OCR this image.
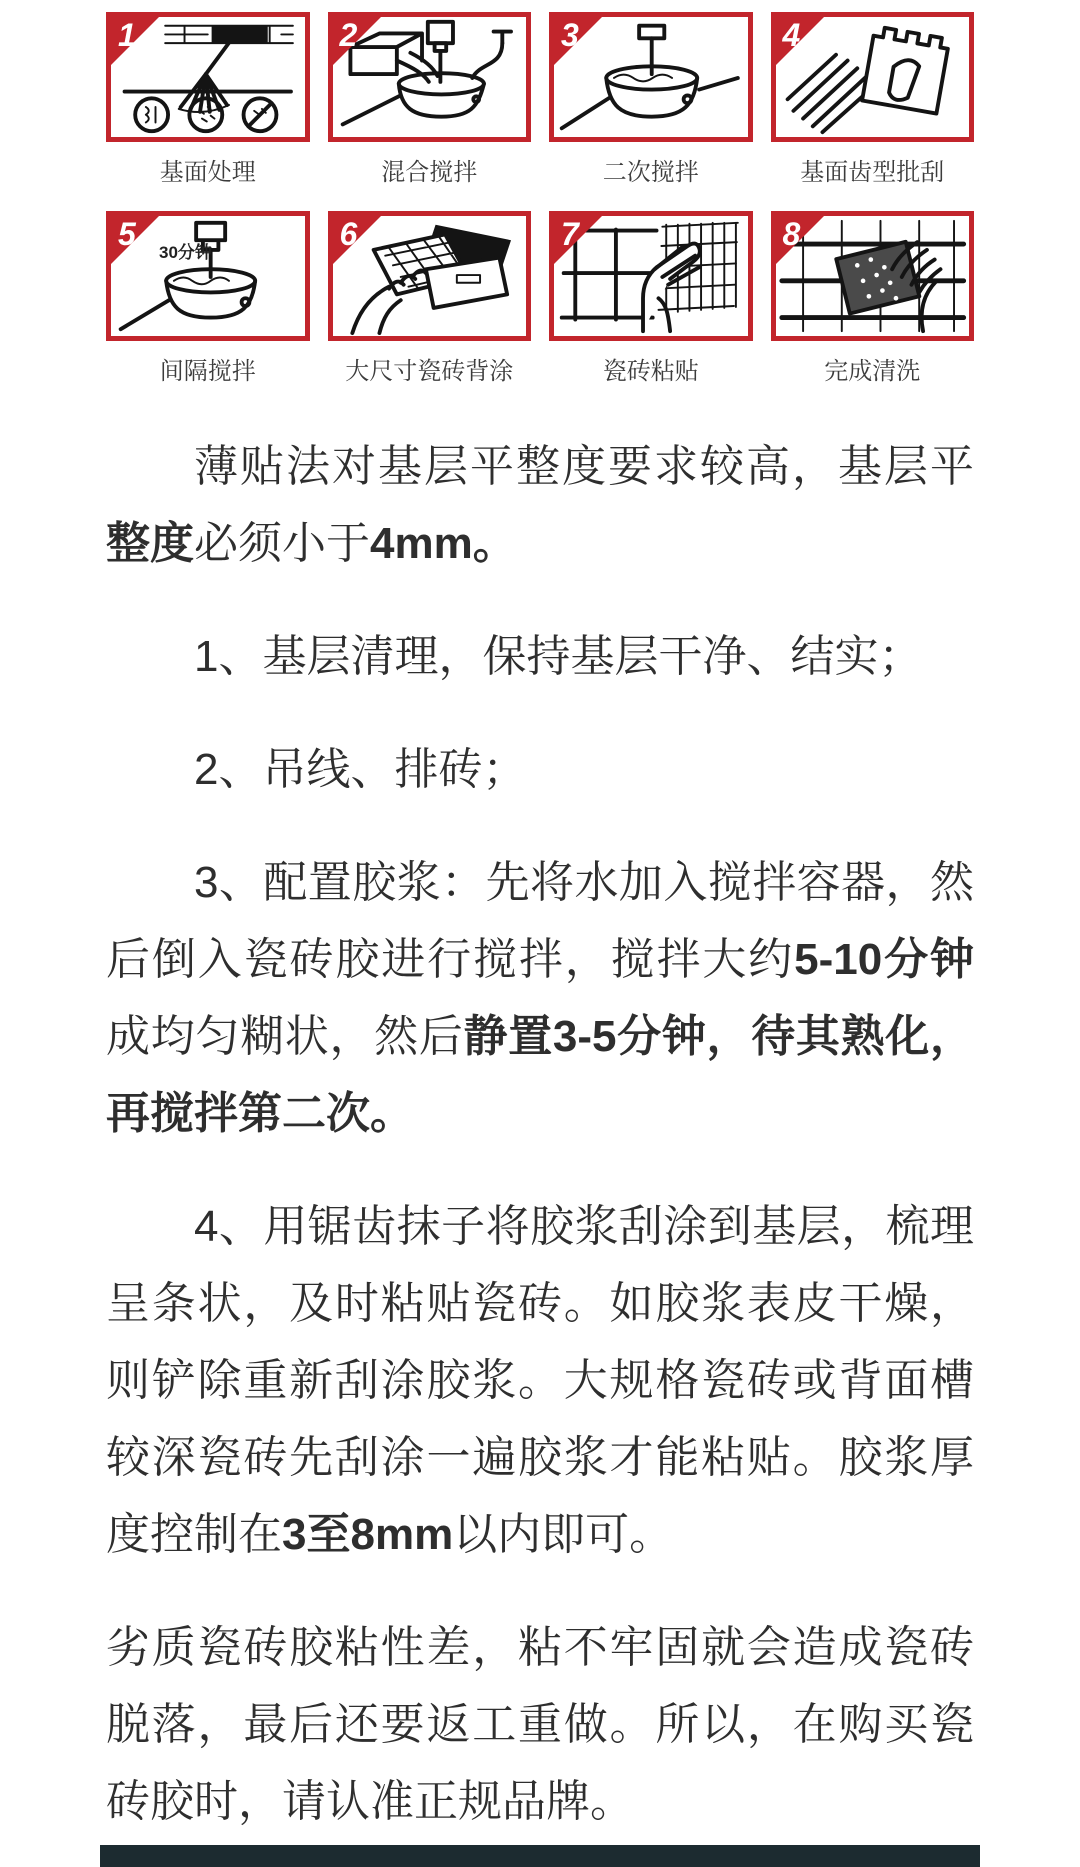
1
基面处理
2
混合搅拌
3
二次搅拌
4
基面齿型批刮
5
30分钟
间隔搅拌
6
大尺寸瓷砖背涂
7
瓷砖粘贴
8
完成清洗

薄贴法对基层平整度要求较高，基层平整度必须小于4mm。

1、基层清理，保持基层干净、结实；

2、吊线、排砖；

3、配置胶浆：先将水加入搅拌容器，然后倒入瓷砖胶进行搅拌，搅拌大约5-10分钟成均匀糊状，然后静置3-5分钟，待其熟化，再搅拌第二次。

4、用锯齿抹子将胶浆刮涂到基层，梳理呈条状，及时粘贴瓷砖。如胶浆表皮干燥，则铲除重新刮涂胶浆。大规格瓷砖或背面槽较深瓷砖先刮涂一遍胶浆才能粘贴。胶浆厚度控制在3至8mm以内即可。

劣质瓷砖胶粘性差，粘不牢固就会造成瓷砖脱落，最后还要返工重做。所以，在购买瓷砖胶时，请认准正规品牌。
